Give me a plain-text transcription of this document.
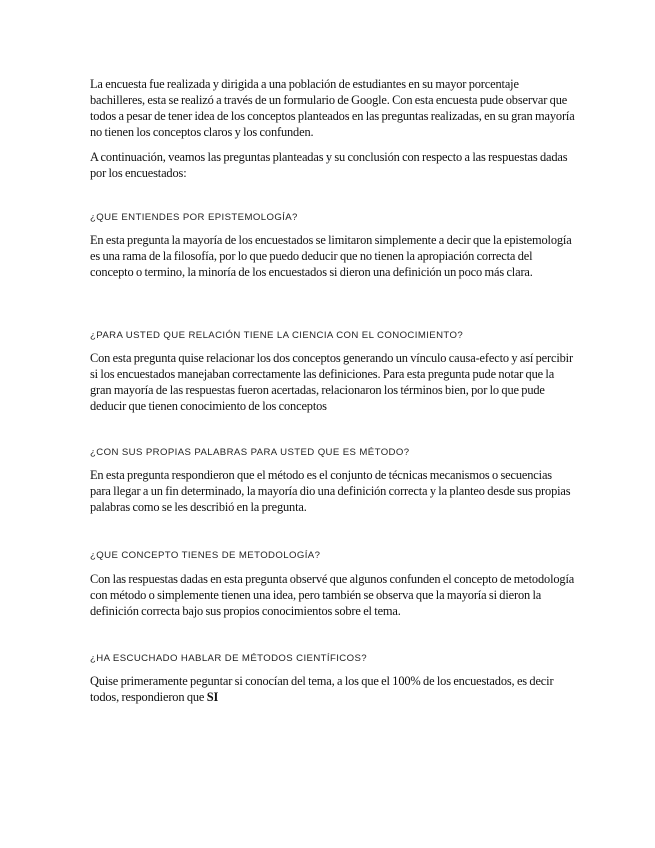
La encuesta fue realizada y dirigida a una población de estudiantes en su mayor porcentaje bachilleres, esta se realizó a través de un formulario de Google. Con esta encuesta pude observar que todos a pesar de tener idea de los conceptos planteados en las preguntas realizadas, en su gran mayoría no tienen los conceptos claros y los confunden.

A continuación, veamos las preguntas planteadas y su conclusión con respecto a las respuestas dadas por los encuestados:

¿QUE ENTIENDES POR EPISTEMOLOGÍA?

En esta pregunta la mayoría de los encuestados se limitaron simplemente a decir que la epistemología es una rama de la filosofía, por lo que puedo deducir que no tienen la apropiación correcta del concepto o termino, la minoría de los encuestados si dieron una definición un poco más clara.

¿PARA USTED QUE RELACIÓN TIENE LA CIENCIA CON EL CONOCIMIENTO?

Con esta pregunta quise relacionar los dos conceptos generando un vínculo causa-efecto y así percibir si los encuestados manejaban correctamente las definiciones. Para esta pregunta pude notar que la gran mayoría de las respuestas fueron acertadas, relacionaron los términos bien, por lo que pude deducir que tienen conocimiento de los conceptos

¿CON SUS PROPIAS PALABRAS PARA USTED QUE ES MÉTODO?

En esta pregunta respondieron que el método es el conjunto de técnicas mecanismos o secuencias para llegar a un fin determinado, la mayoría dio una definición correcta y la planteo desde sus propias palabras como se les describió en la pregunta.

¿QUE CONCEPTO TIENES DE METODOLOGÍA?

Con las respuestas dadas en esta pregunta observé que algunos confunden el concepto de metodología con método o simplemente tienen una idea, pero también se observa que la mayoría si dieron la definición correcta bajo sus propios conocimientos sobre el tema.

¿HA ESCUCHADO HABLAR DE MÉTODOS CIENTÍFICOS?

Quise primeramente peguntar si conocían del tema, a los que el 100% de los encuestados, es decir todos, respondieron que SI
